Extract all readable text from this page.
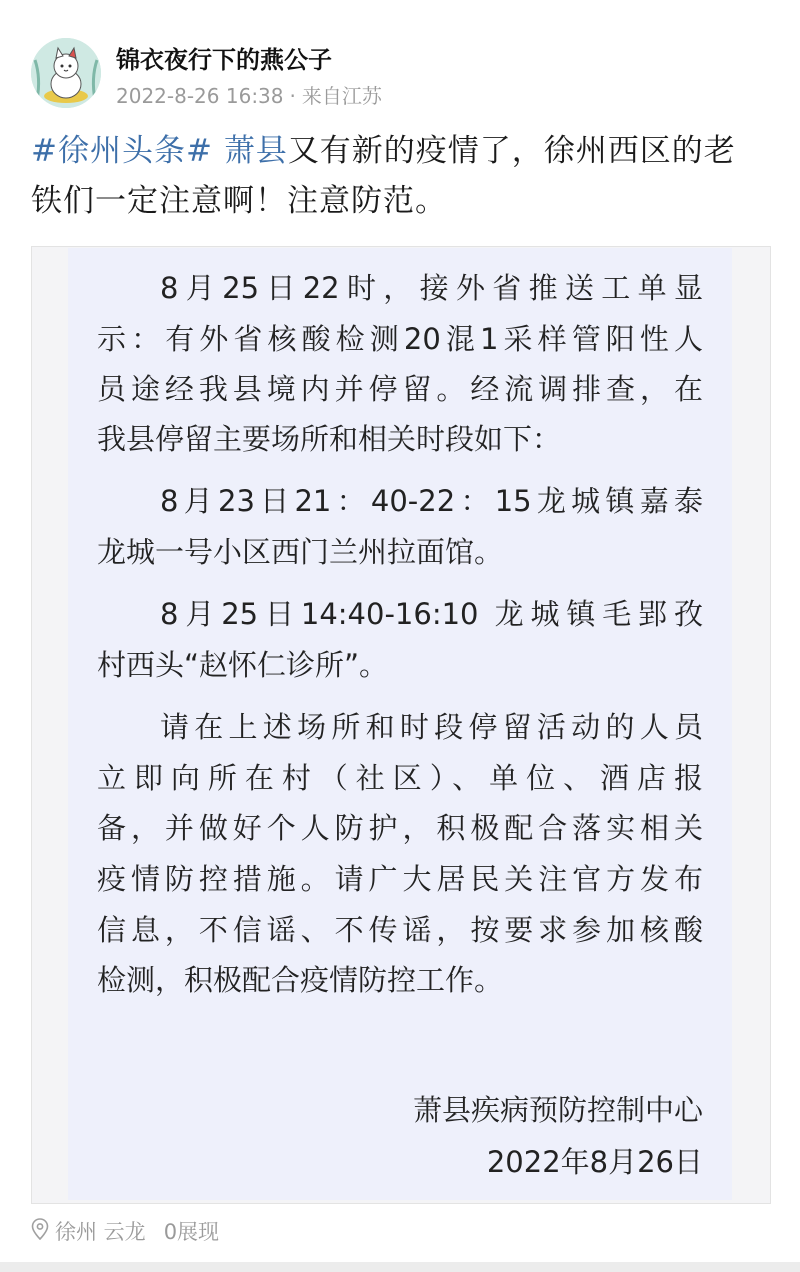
锦衣夜行下的燕公子
2022-8-26 16:38 · 来自江苏
#徐州头条# 萧县又有新的疫情了，徐州西区的老
铁们一定注意啊！注意防范。
8月25日22时，接外省推送工单显
示：有外省核酸检测20混1采样管阳性人
员途经我县境内并停留。经流调排查，在
我县停留主要场所和相关时段如下：
8月23日21：40-22：15龙城镇嘉泰
龙城一号小区西门兰州拉面馆。
8月25日14:40-16:10 龙城镇毛郢孜
村西头“赵怀仁诊所”。
请在上述场所和时段停留活动的人员
立即向所在村（社区）、单位、酒店报
备，并做好个人防护，积极配合落实相关
疫情防控措施。请广大居民关注官方发布
信息，不信谣、不传谣，按要求参加核酸
检测，积极配合疫情防控工作。
萧县疾病预防控制中心
2022年8月26日
徐州 云龙 0展现
